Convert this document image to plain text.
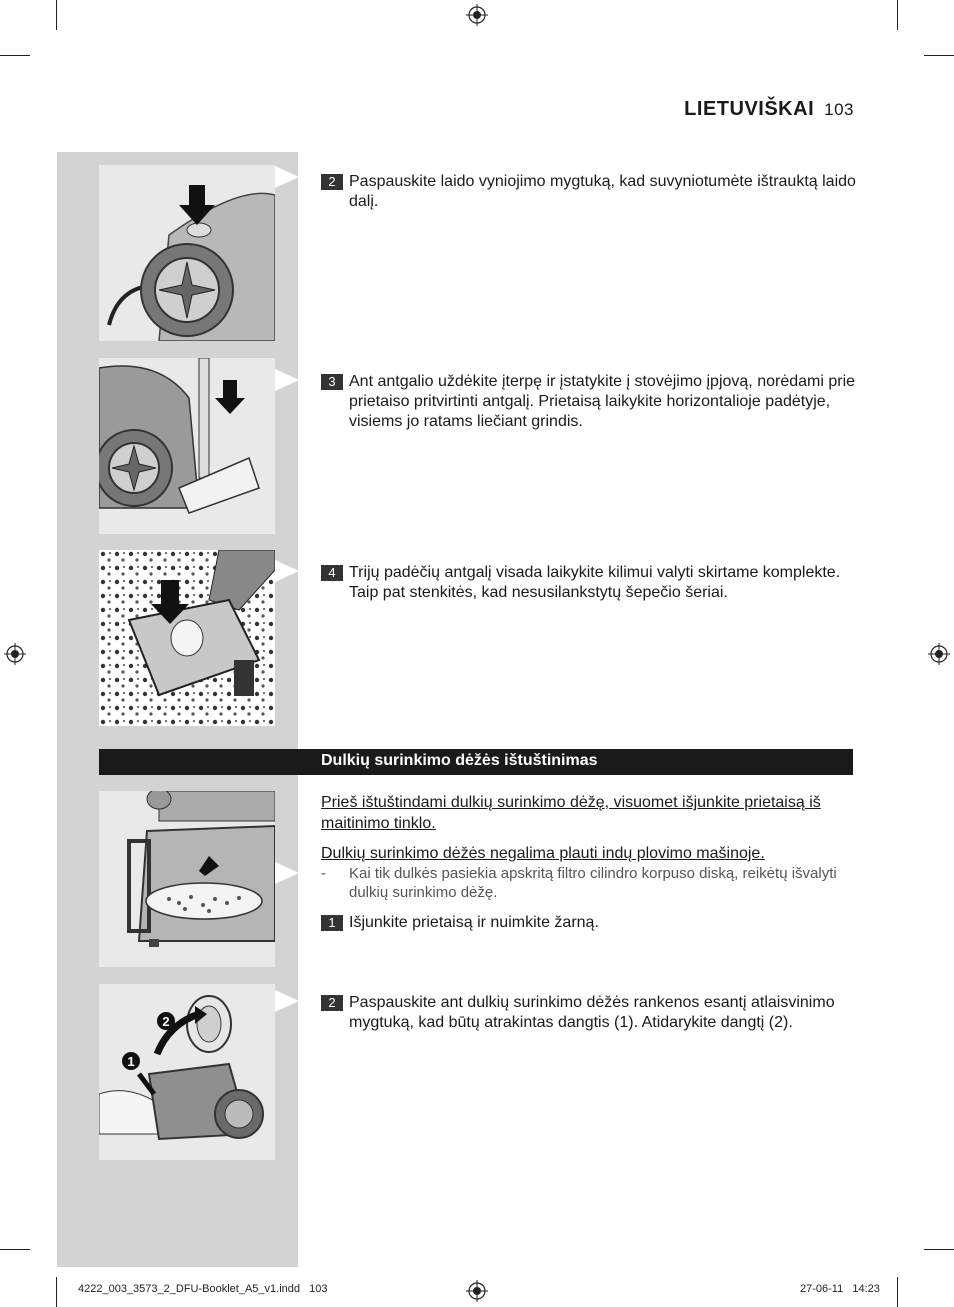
LIETUVIŠKAI 103
2 Paspauskite laido vyniojimo mygtuką, kad suvyniotumėte ištrauktą laido dalį.
3 Ant antgalio uždėkite įterpę ir įstatykite į stovėjimo įpjovą, norėdami prie prietaiso pritvirtinti antgalį. Prietaisą laikykite horizontalioje padėtyje, visiems jo ratams liečiant grindis.
4 Trijų padėčių antgalį visada laikykite kilimui valyti skirtame komplekte. Taip pat stenkitės, kad nesusilankstytų šepečio šeriai.
Dulkių surinkimo dėžės ištuštinimas
2
1
Prieš ištuštindami dulkių surinkimo dėžę, visuomet išjunkite prietaisą iš maitinimo tinklo.
Dulkių surinkimo dėžės negalima plauti indų plovimo mašinoje.
- Kai tik dulkės pasiekia apskritą filtro cilindro korpuso diską, reikėtų išvalyti dulkių surinkimo dėžę.
1 Išjunkite prietaisą ir nuimkite žarną.
2 Paspauskite ant dulkių surinkimo dėžės rankenos esantį atlaisvinimo mygtuką, kad būtų atrakintas dangtis (1). Atidarykite dangtį (2).
4222_003_3573_2_DFU-Booklet_A5_v1.indd   103	27-06-11   14:23
